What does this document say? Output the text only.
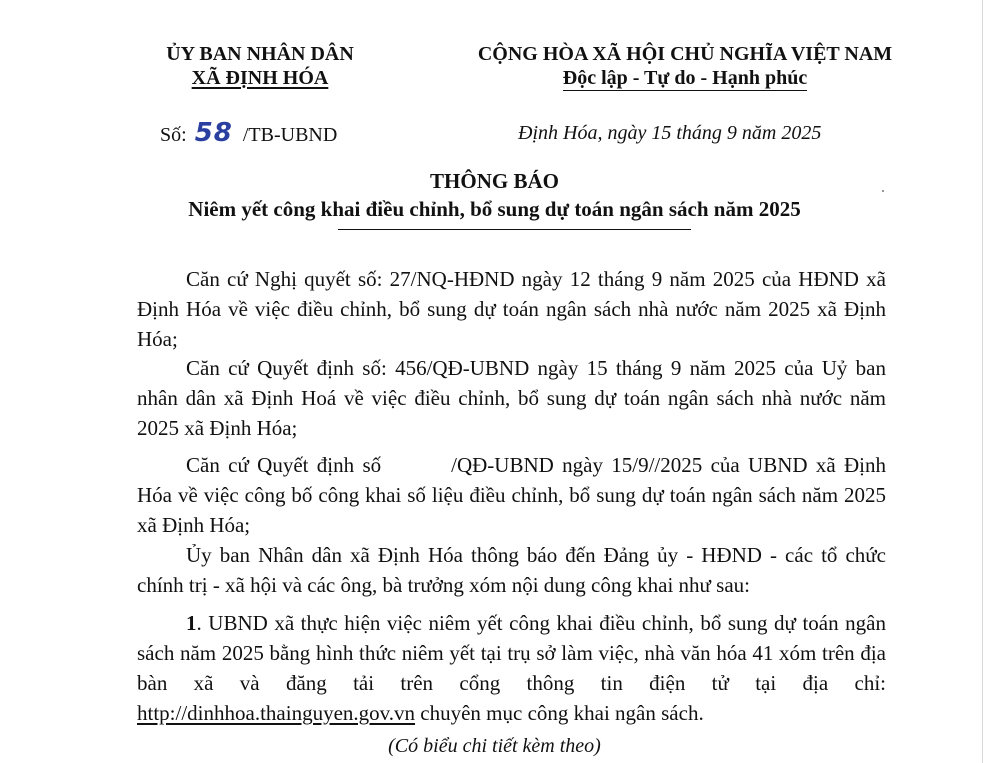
ỦY BAN NHÂN DÂN
XÃ ĐỊNH HÓA
CỘNG HÒA XÃ HỘI CHỦ NGHĨA VIỆT NAM
Độc lập - Tự do - Hạnh phúc
Số: 58 /TB-UBND	Định Hóa, ngày 15 tháng 9 năm 2025
THÔNG BÁO
Niêm yết công khai điều chỉnh, bổ sung dự toán ngân sách năm 2025

Căn cứ Nghị quyết số: 27/NQ-HĐND ngày 12 tháng 9 năm 2025 của HĐND xã Định Hóa về việc điều chỉnh, bổ sung dự toán ngân sách nhà nước năm 2025 xã Định Hóa;

Căn cứ Quyết định số: 456/QĐ-UBND ngày 15 tháng 9 năm 2025 của Uỷ ban nhân dân xã Định Hoá về việc điều chỉnh, bổ sung dự toán ngân sách nhà nước năm 2025 xã Định Hóa;

Căn cứ Quyết định số	/QĐ-UBND ngày 15/9//2025 của UBND xã Định Hóa về việc công bố công khai số liệu điều chỉnh, bổ sung dự toán ngân sách năm 2025 xã Định Hóa;

Ủy ban Nhân dân xã Định Hóa thông báo đến Đảng ủy - HĐND - các tổ chức chính trị - xã hội và các ông, bà trưởng xóm nội dung công khai như sau:

1. UBND xã thực hiện việc niêm yết công khai điều chỉnh, bổ sung dự toán ngân sách năm 2025 bằng hình thức niêm yết tại trụ sở làm việc, nhà văn hóa 41 xóm trên địa bàn xã và đăng tải trên cổng thông tin điện tử tại địa chỉ: http://dinhhoa.thainguyen.gov.vn chuyên mục công khai ngân sách.

(Có biểu chi tiết kèm theo)
